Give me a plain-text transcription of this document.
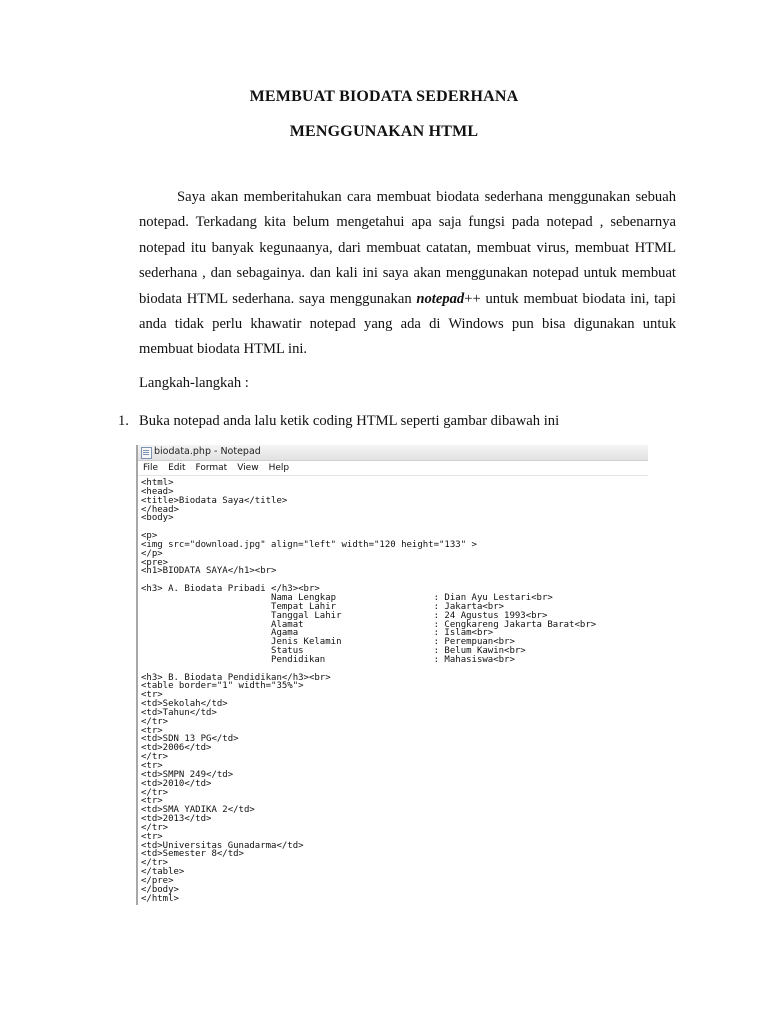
MEMBUAT BIODATA SEDERHANA
MENGGUNAKAN HTML

Saya akan memberitahukan cara membuat biodata sederhana menggunakan sebuah notepad. Terkadang kita belum mengetahui apa saja fungsi pada notepad , sebenarnya notepad itu banyak kegunaanya, dari membuat catatan, membuat virus, membuat HTML sederhana , dan sebagainya. dan kali ini saya akan menggunakan notepad untuk membuat biodata HTML sederhana. saya menggunakan notepad++ untuk membuat biodata ini, tapi anda tidak perlu khawatir notepad yang ada di Windows pun bisa digunakan untuk membuat biodata HTML ini.

Langkah-langkah :
1. Buka notepad anda lalu ketik coding HTML seperti gambar dibawah ini
biodata.php - Notepad
File Edit Format View Help
<html>
<head>
<title>Biodata Saya</title>
</head>
<body>

<p>
<img src="download.jpg" align="left" width="120 height="133" >
</p>
<pre>
<h1>BIODATA SAYA</h1><br>

<h3> A. Biodata Pribadi </h3><br>
Nama Lengkap                  : Dian Ayu Lestari<br>
Tempat Lahir                  : Jakarta<br>
Tanggal Lahir                 : 24 Agustus 1993<br>
Alamat                        : Cengkareng Jakarta Barat<br>
Agama                         : Islam<br>
Jenis Kelamin                 : Perempuan<br>
Status                        : Belum Kawin<br>
Pendidikan                    : Mahasiswa<br>

<h3> B. Biodata Pendidikan</h3><br>
<table border="1" width="35%">
<tr>
<td>Sekolah</td>
<td>Tahun</td>
</tr>
<tr>
<td>SDN 13 PG</td>
<td>2006</td>
</tr>
<tr>
<td>SMPN 249</td>
<td>2010</td>
</tr>
<tr>
<td>SMA YADIKA 2</td>
<td>2013</td>
</tr>
<tr>
<td>Universitas Gunadarma</td>
<td>Semester 8</td>
</tr>
</table>
</pre>
</body>
</html>
